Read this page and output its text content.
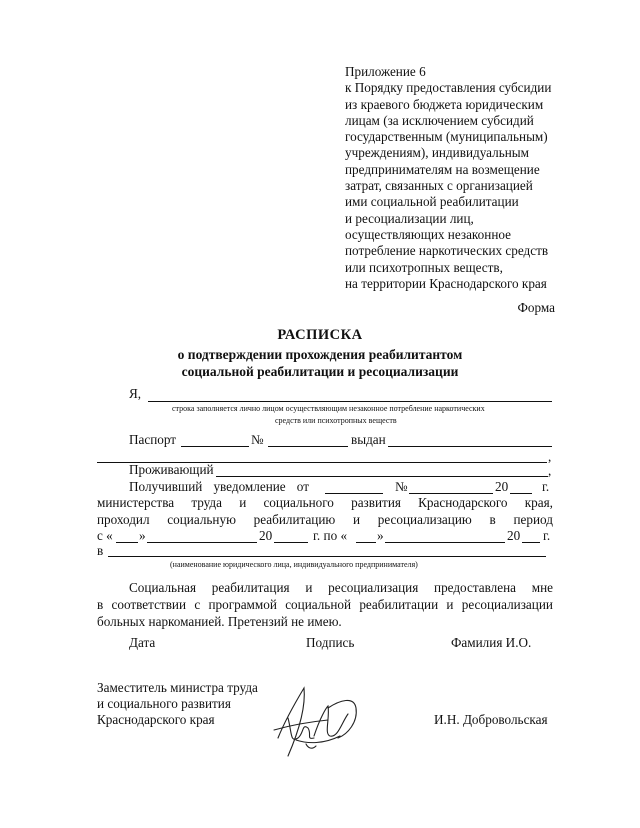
Приложение 6
к Порядку предоставления субсидии
из краевого бюджета юридическим
лицам (за исключением субсидий
государственным (муниципальным)
учреждениям), индивидуальным
предпринимателям на возмещение
затрат, связанных с организацией
ими социальной реабилитации
и ресоциализации лиц,
осуществляющих незаконное
потребление наркотических средств
или психотропных веществ,
на территории Краснодарского края
Форма
РАСПИСКА
о подтверждении прохождения реабилитантом
социальной реабилитации и ресоциализации
Я,
строка заполняется лично лицом осуществляющим незаконное потребление наркотических
средств или психотропных веществ
Паспорт	№	выдан
,
Проживающий	,
Получивший уведомление от	№	20	г.
министерства труда и социального развития Краснодарского края,
проходил социальную реабилитацию и ресоциализацию в период
с « »	20	г. по « »	20 г.
в
(наименование юридического лица, индивидуального предпринимателя)
Социальная реабилитация и ресоциализация предоставлена мне
в соответствии с программой социальной реабилитации и ресоциализации
больных наркоманией. Претензий не имею.
Дата	Подпись	Фамилия И.О.
Заместитель министра труда
и социального развития
Краснодарского края	И.Н. Добровольская
